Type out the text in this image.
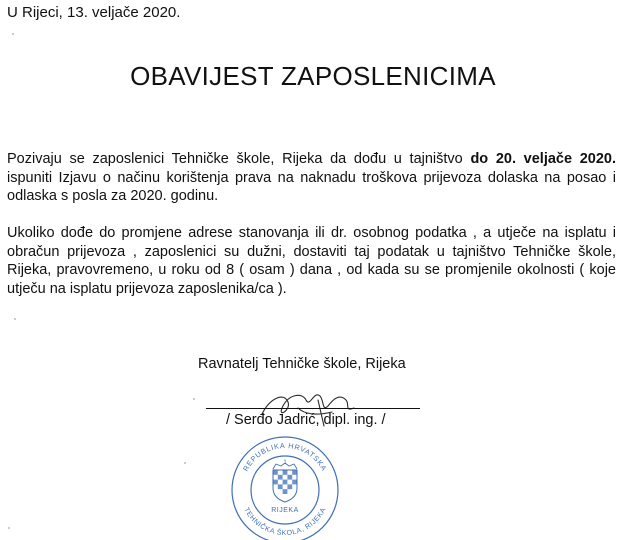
U Rijeci, 13. veljače 2020.
OBAVIJEST ZAPOSLENICIMA

Pozivaju se zaposlenici Tehničke škole, Rijeka da dođu u tajništvo do 20. veljače 2020. ispuniti Izjavu o načinu korištenja prava na naknadu troškova prijevoza dolaska na posao i odlaska s posla za 2020. godinu.

Ukoliko dođe do promjene adrese stanovanja ili dr. osobnog podatka , a utječe na isplatu i obračun prijevoza , zaposlenici su dužni, dostaviti taj podatak u tajništvo Tehničke škole, Rijeka, pravovremeno, u roku od 8 ( osam ) dana , od kada su se promjenile okolnosti ( koje utječu na isplatu prijevoza zaposlenika/ca ).

Ravnatelj Tehničke škole, Rijeka
/ Serđo Jadrić, dipl. ing. /
REPUBLIKA HRVATSKA
TEHNIČKA ŠKOLA, RIJEKA
1
RIJEKA
